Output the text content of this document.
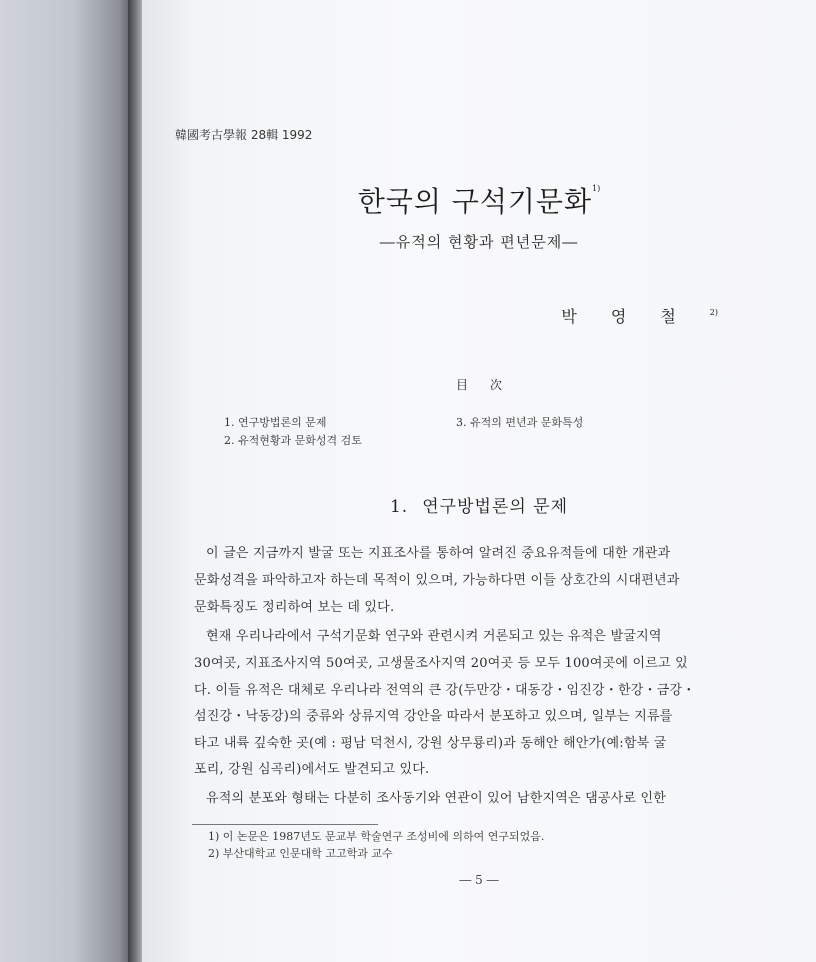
韓國考古學報 28輯 1992

한국의 구석기문화$^{1)}$
―유적의 현황과 편년문제―
박영철$^{2)}$
目次
1. 연구방법론의 문제
2. 유적현황과 문화성격 검토
3. 유적의 편년과 문화특성
1. 연구방법론의 문제
이 글은 지금까지 발굴 또는 지표조사를 통하여 알려진 중요유적들에 대한 개관과
문화성격을 파악하고자 하는데 목적이 있으며, 가능하다면 이들 상호간의 시대편년과
문화특징도 정리하여 보는 데 있다.
현재 우리나라에서 구석기문화 연구와 관련시켜 거론되고 있는 유적은 발굴지역
30여곳, 지표조사지역 50여곳, 고생물조사지역 20여곳 등 모두 100여곳에 이르고 있
다. 이들 유적은 대체로 우리나라 전역의 큰 강(두만강・대동강・임진강・한강・금강・
섬진강・낙동강)의 중류와 상류지역 강안을 따라서 분포하고 있으며, 일부는 지류를
타고 내륙 깊숙한 곳(예 : 평남 덕천시, 강원 상무룡리)과 동해안 해안가(예:함북 굴
포리, 강원 심곡리)에서도 발견되고 있다.
유적의 분포와 형태는 다분히 조사동기와 연관이 있어 남한지역은 댐공사로 인한
1) 이 논문은 1987년도 문교부 학술연구 조성비에 의하여 연구되었음.
2) 부산대학교 인문대학 고고학과 교수
― 5 ―
